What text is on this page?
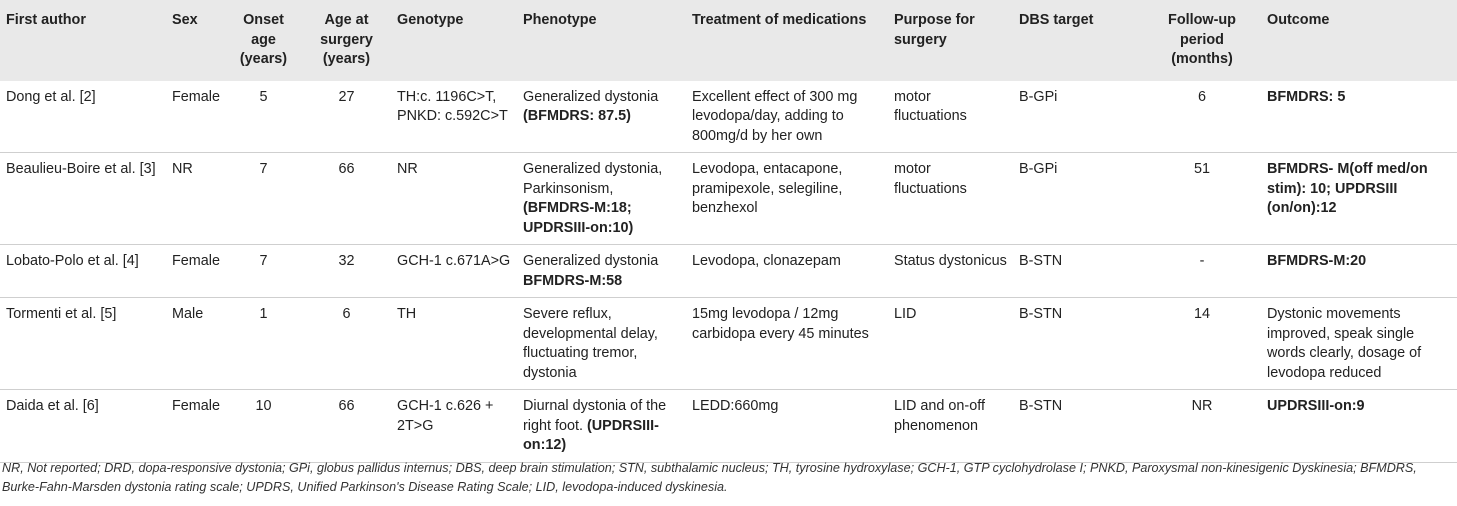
First author	Sex	Onset age (years)	Age at surgery (years)	Genotype	Phenotype	Treatment of medications	Purpose for surgery	DBS target	Follow-up period (months)	Outcome
Dong et al. [2]	Female	5	27	TH:c. 1196C>T, PNKD: c.592C>T	Generalized dystonia (BFMDRS: 87.5)	Excellent effect of 300 mg levodopa/day, adding to 800mg/d by her own	motor fluctuations	B-GPi	6	BFMDRS: 5
Beaulieu-Boire et al. [3]	NR	7	66	NR	Generalized dystonia, Parkinsonism, (BFMDRS-M:18; UPDRSIII-on:10)	Levodopa, entacapone, pramipexole, selegiline, benzhexol	motor fluctuations	B-GPi	51	BFMDRS- M(off med/on stim): 10; UPDRSIII (on/on):12
Lobato-Polo et al. [4]	Female	7	32	GCH-1 c.671A>G	Generalized dystonia BFMDRS-M:58	Levodopa, clonazepam	Status dystonicus	B-STN	-	BFMDRS-M:20
Tormenti et al. [5]	Male	1	6	TH	Severe reflux, developmental delay, fluctuating tremor, dystonia	15mg levodopa / 12mg carbidopa every 45 minutes	LID	B-STN	14	Dystonic movements improved, speak single words clearly, dosage of levodopa reduced
Daida et al. [6]	Female	10	66	GCH-1 c.626 + 2T>G	Diurnal dystonia of the right foot. (UPDRSIII-on:12)	LEDD:660mg	LID and on-off phenomenon	B-STN	NR	UPDRSIII-on:9
NR, Not reported; DRD, dopa-responsive dystonia; GPi, globus pallidus internus; DBS, deep brain stimulation; STN, subthalamic nucleus; TH, tyrosine hydroxylase; GCH-1, GTP cyclohydrolase I; PNKD, Paroxysmal non-kinesigenic Dyskinesia; BFMDRS, Burke-Fahn-Marsden dystonia rating scale; UPDRS, Unified Parkinson's Disease Rating Scale; LID, levodopa-induced dyskinesia.
